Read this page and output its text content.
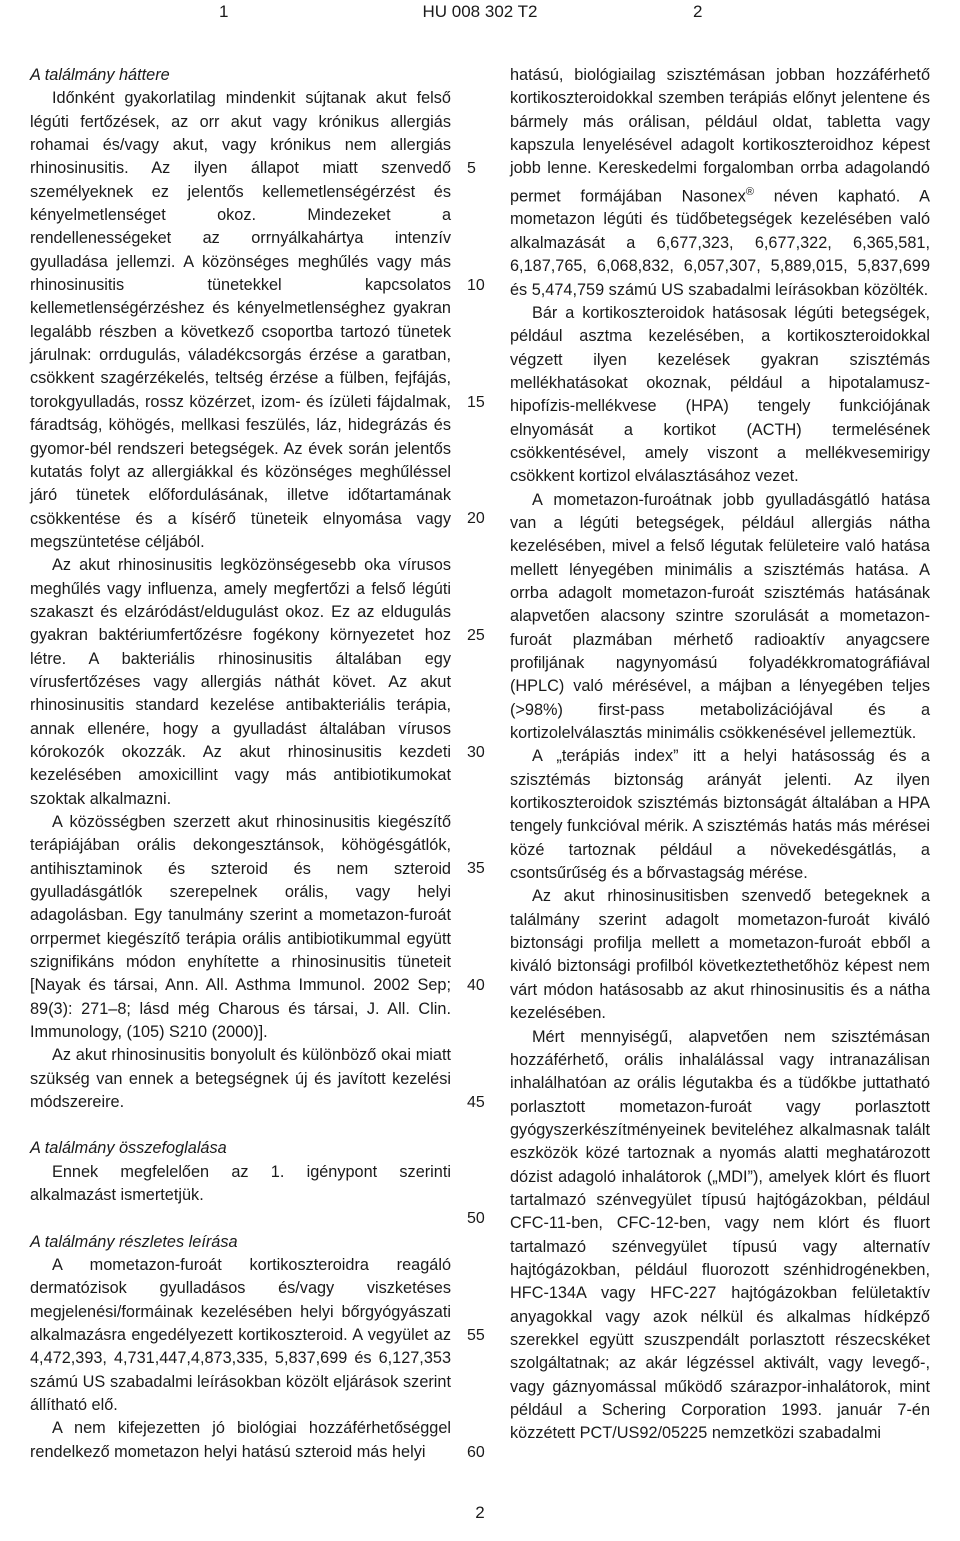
HU 008 302 T2
1	2

A találmány háttere

Időnként gyakorlatilag mindenkit sújtanak akut felső légúti fertőzések, az orr akut vagy krónikus allergiás rohamai és/vagy akut, vagy krónikus nem allergiás rhinosinusitis. Az ilyen állapot miatt szenvedő személyeknek ez jelentős kellemetlenségérzést és kényelmetlenséget okoz. Mindezeket a rendellenességeket az orrnyálkahártya intenzív gyulladása jellemzi. A közönséges meghűlés vagy más rhinosinusitis tünetekkel kapcsolatos kellemetlenségérzéshez és kényelmetlenséghez gyakran legalább részben a következő csoportba tartozó tünetek járulnak: orrdugulás, váladékcsorgás érzése a garatban, csökkent szagérzékelés, teltség érzése a fülben, fejfájás, torokgyulladás, rossz közérzet, izom- és ízületi fájdalmak, fáradtság, köhögés, mellkasi feszülés, láz, hidegrázás és gyomor-bél rendszeri betegségek. Az évek során jelentős kutatás folyt az allergiákkal és közönséges meghűléssel járó tünetek előfordulásának, illetve időtartamának csökkentése és a kísérő tüneteik elnyomása vagy megszüntetése céljából.

Az akut rhinosinusitis legközönségesebb oka vírusos meghűlés vagy influenza, amely megfertőzi a felső légúti szakaszt és elzáródást/eldugulást okoz. Ez az eldugulás gyakran baktériumfertőzésre fogékony környezetet hoz létre. A bakteriális rhinosinusitis általában egy vírusfertőzéses vagy allergiás náthát követ. Az akut rhinosinusitis standard kezelése antibakteriális terápia, annak ellenére, hogy a gyulladást általában vírusos kórokozók okozzák. Az akut rhinosinusitis kezdeti kezelésében amoxicillint vagy más antibiotikumokat szoktak alkalmazni.

A közösségben szerzett akut rhinosinusitis kiegészítő terápiájában orális dekongesztánsok, köhögésgátlók, antihisztaminok és szteroid és nem szteroid gyulladásgátlók szerepelnek orális, vagy helyi adagolásban. Egy tanulmány szerint a mometazon-furoát orrpermet kiegészítő terápia orális antibiotikummal együtt szignifikáns módon enyhítette a rhinosinusitis tüneteit [Nayak és társai, Ann. All. Asthma Immunol. 2002 Sep; 89(3): 271–8; lásd még Charous és társai, J. All. Clin. Immunology, (105) S210 (2000)].

Az akut rhinosinusitis bonyolult és különböző okai miatt szükség van ennek a betegségnek új és javított kezelési módszereire.

A találmány összefoglalása

Ennek megfelelően az 1. igénypont szerinti alkalmazást ismertetjük.

A találmány részletes leírása

A mometazon-furoát kortikoszteroidra reagáló dermatózisok gyulladásos és/vagy viszketéses megjelenési/formáinak kezelésében helyi bőrgyógyászati alkalmazásra engedélyezett kortikoszteroid. A vegyület az 4,472,393, 4,731,447,4,873,335, 5,837,699 és 6,127,353 számú US szabadalmi leírásokban közölt eljárások szerint állítható elő.

A nem kifejezetten jó biológiai hozzáférhetőséggel rendelkező mometazon helyi hatású szteroid más helyi

5
10
15
20
25
30
35
40
45
50
55
60

hatású, biológiailag szisztémásan jobban hozzáférhető kortikoszteroidokkal szemben terápiás előnyt jelentene és bármely más orálisan, például oldat, tabletta vagy kapszula lenyelésével adagolt kortikoszteroidhoz képest jobb lenne. Kereskedelmi forgalomban orrba adagolandó permet formájában Nasonex® néven kapható. A mometazon légúti és tüdőbetegségek kezelésében való alkalmazását a 6,677,323, 6,677,322, 6,365,581, 6,187,765, 6,068,832, 6,057,307, 5,889,015, 5,837,699 és 5,474,759 számú US szabadalmi leírásokban közölték.

Bár a kortikoszteroidok hatásosak légúti betegségek, például asztma kezelésében, a kortikoszteroidokkal végzett ilyen kezelések gyakran szisztémás mellékhatásokat okoznak, például a hipotalamusz-hipofízis-mellékvese (HPA) tengely funkciójának elnyomását a kortikot (ACTH) termelésének csökkentésével, amely viszont a mellékvesemirigy csökkent kortizol elválasztásához vezet.

A mometazon-furoátnak jobb gyulladásgátló hatása van a légúti betegségek, például allergiás nátha kezelésében, mivel a felső légutak felületeire való hatása mellett lényegében minimális a szisztémás hatása. A orrba adagolt mometazon-furoát szisztémás hatásának alapvetően alacsony szintre szorulását a mometazon-furoát plazmában mérhető radioaktív anyagcsere profiljának nagynyomású folyadékkromatográfiával (HPLC) való mérésével, a májban a lényegében teljes (>98%) first-pass metabolizációjával és a kortizolelválasztás minimális csökkenésével jellemeztük.

A „terápiás index” itt a helyi hatásosság és a szisztémás biztonság arányát jelenti. Az ilyen kortikoszteroidok szisztémás biztonságát általában a HPA tengely funkcióval mérik. A szisztémás hatás más mérései közé tartoznak például a növekedésgátlás, a csontsűrűség és a bőrvastagság mérése.

Az akut rhinosinusitisben szenvedő betegeknek a találmány szerint adagolt mometazon-furoát kiváló biztonsági profilja mellett a mometazon-furoát ebből a kiváló biztonsági profilból következtethetőhöz képest nem várt módon hatásosabb az akut rhinosinusitis és a nátha kezelésében.

Mért mennyiségű, alapvetően nem szisztémásan hozzáférhető, orális inhalálással vagy intranazálisan inhalálhatóan az orális légutakba és a tüdőkbe juttatható porlasztott mometazon-furoát vagy porlasztott gyógyszerkészítményeinek beviteléhez alkalmasnak talált eszközök közé tartoznak a nyomás alatti meghatározott dózist adagoló inhalátorok („MDI”), amelyek klórt és fluort tartalmazó szénvegyület típusú hajtógázokban, például CFC-11-ben, CFC-12-ben, vagy nem klórt és fluort tartalmazó szénvegyület típusú vagy alternatív hajtógázokban, például fluorozott szénhidrogénekben, HFC-134A vagy HFC-227 hajtógázokban felületaktív anyagokkal vagy azok nélkül és alkalmas hídképző szerekkel együtt szuszpendált porlasztott részecskéket szolgáltatnak; az akár légzéssel aktivált, vagy levegő-, vagy gáznyomással működő szárazpor-inhalátorok, mint például a Schering Corporation 1993. január 7-én közzétett PCT/US92/05225 nemzetközi szabadalmi

2
